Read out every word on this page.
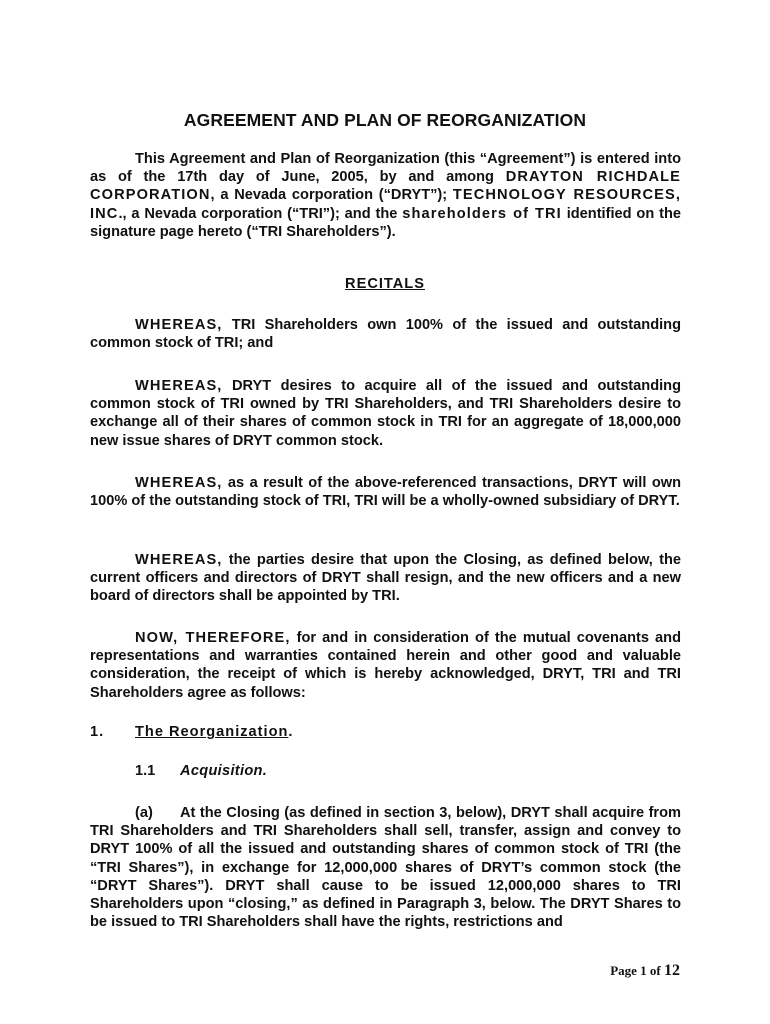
AGREEMENT AND PLAN OF REORGANIZATION
This Agreement and Plan of Reorganization (this “Agreement”) is entered into as of the 17th day of June, 2005, by and among DRAYTON RICHDALE CORPORATION, a Nevada corporation (“DRYT”); TECHNOLOGY RESOURCES, INC., a Nevada corporation (“TRI”); and the shareholders of TRI identified on the signature page hereto (“TRI Shareholders”).
RECITALS
WHEREAS, TRI Shareholders own 100% of the issued and outstanding common stock of TRI; and
WHEREAS, DRYT desires to acquire all of the issued and outstanding common stock of TRI owned by TRI Shareholders, and TRI Shareholders desire to exchange all of their shares of common stock in TRI for an aggregate of 18,000,000 new issue shares of DRYT common stock.
WHEREAS, as a result of the above-referenced transactions, DRYT will own 100% of the outstanding stock of TRI, TRI will be a wholly-owned subsidiary of DRYT.
WHEREAS, the parties desire that upon the Closing, as defined below, the current officers and directors of DRYT shall resign, and the new officers and a new board of directors shall be appointed by TRI.
NOW, THEREFORE, for and in consideration of the mutual covenants and representations and warranties contained herein and other good and valuable consideration, the receipt of which is hereby acknowledged, DRYT, TRI and TRI Shareholders agree as follows:
1. The Reorganization.
1.1 Acquisition.
(a) At the Closing (as defined in section 3, below), DRYT shall acquire from TRI Shareholders and TRI Shareholders shall sell, transfer, assign and convey to DRYT 100% of all the issued and outstanding shares of common stock of TRI (the “TRI Shares”), in exchange for 12,000,000 shares of DRYT’s common stock (the “DRYT Shares”). DRYT shall cause to be issued 12,000,000 shares to TRI Shareholders upon “closing,” as defined in Paragraph 3, below. The DRYT Shares to be issued to TRI Shareholders shall have the rights, restrictions and
Page 1 of 12
